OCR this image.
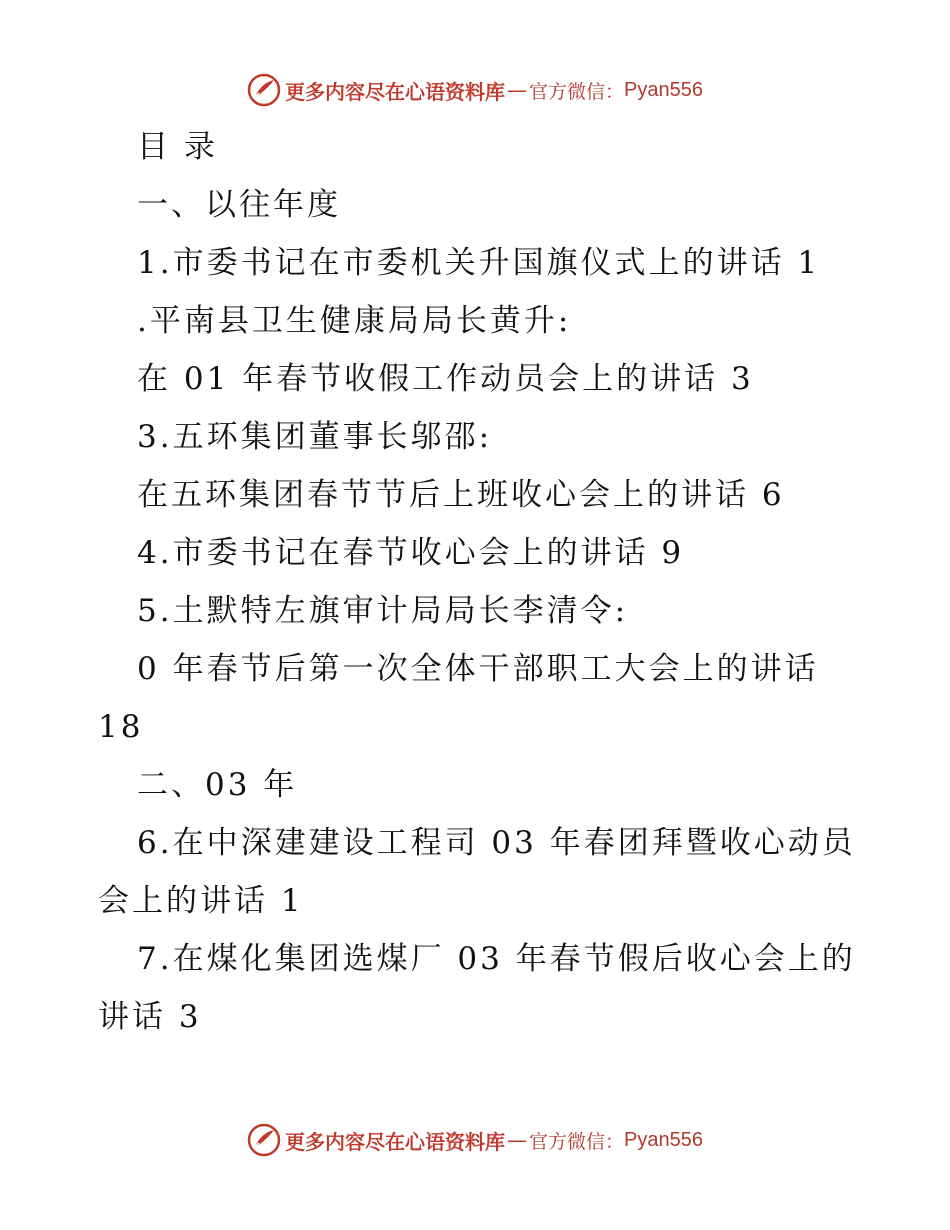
更多内容尽在心语资料库 — 官方微信： Pyan556
目 录
一、以往年度
1.市委书记在市委机关升国旗仪式上的讲话 1
.平南县卫生健康局局长黄升:
在 01 年春节收假工作动员会上的讲话 3
3.五环集团董事长邬邵:
在五环集团春节节后上班收心会上的讲话 6
4.市委书记在春节收心会上的讲话 9
5.土默特左旗审计局局长李清令:
0 年春节后第一次全体干部职工大会上的讲话
18
二、03 年
6.在中深建建设工程司 03 年春团拜暨收心动员
会上的讲话 1
7.在煤化集团选煤厂 03 年春节假后收心会上的
讲话 3
更多内容尽在心语资料库 — 官方微信： Pyan556
